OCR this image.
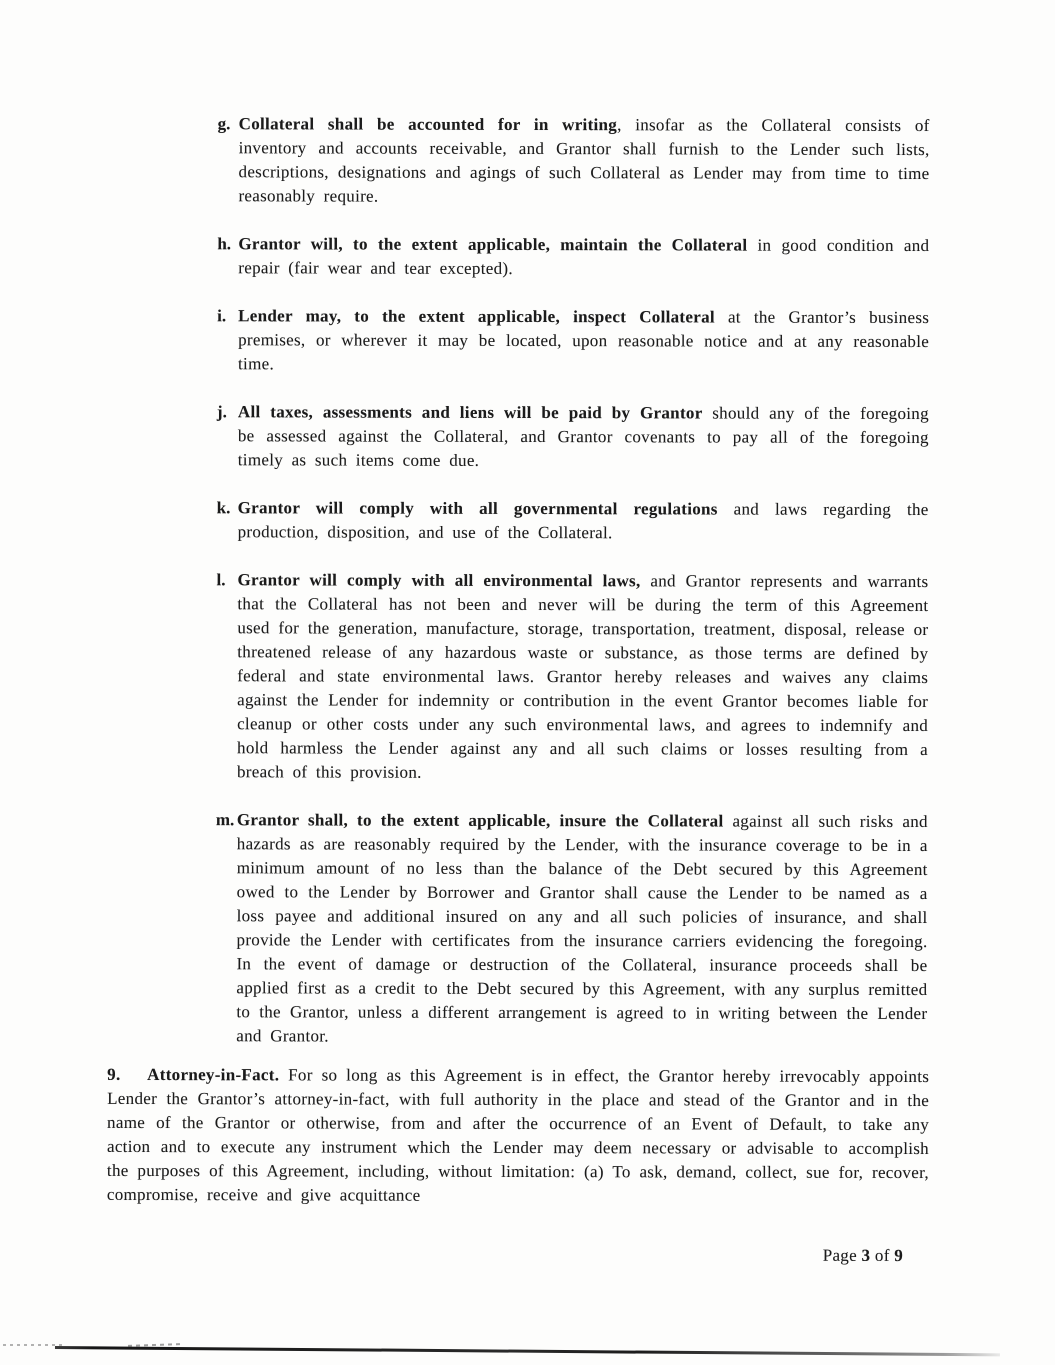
g. Collateral shall be accounted for in writing, insofar as the Collateral consists of inventory and accounts receivable, and Grantor shall furnish to the Lender such lists, descriptions, designations and agings of such Collateral as Lender may from time to time reasonably require.

h. Grantor will, to the extent applicable, maintain the Collateral in good condition and repair (fair wear and tear excepted).

i. Lender may, to the extent applicable, inspect Collateral at the Grantor’s business premises, or wherever it may be located, upon reasonable notice and at any reasonable time.

j. All taxes, assessments and liens will be paid by Grantor should any of the foregoing be assessed against the Collateral, and Grantor covenants to pay all of the foregoing timely as such items come due.

k. Grantor will comply with all governmental regulations and laws regarding the production, disposition, and use of the Collateral.

l. Grantor will comply with all environmental laws, and Grantor represents and warrants that the Collateral has not been and never will be during the term of this Agreement used for the generation, manufacture, storage, transportation, treatment, disposal, release or threatened release of any hazardous waste or substance, as those terms are defined by federal and state environmental laws. Grantor hereby releases and waives any claims against the Lender for indemnity or contribution in the event Grantor becomes liable for cleanup or other costs under any such environmental laws, and agrees to indemnify and hold harmless the Lender against any and all such claims or losses resulting from a breach of this provision.

m. Grantor shall, to the extent applicable, insure the Collateral against all such risks and hazards as are reasonably required by the Lender, with the insurance coverage to be in a minimum amount of no less than the balance of the Debt secured by this Agreement owed to the Lender by Borrower and Grantor shall cause the Lender to be named as a loss payee and additional insured on any and all such policies of insurance, and shall provide the Lender with certificates from the insurance carriers evidencing the foregoing. In the event of damage or destruction of the Collateral, insurance proceeds shall be applied first as a credit to the Debt secured by this Agreement, with any surplus remitted to the Grantor, unless a different arrangement is agreed to in writing between the Lender and Grantor.

9. Attorney-in-Fact. For so long as this Agreement is in effect, the Grantor hereby irrevocably appoints Lender the Grantor’s attorney-in-fact, with full authority in the place and stead of the Grantor and in the name of the Grantor or otherwise, from and after the occurrence of an Event of Default, to take any action and to execute any instrument which the Lender may deem necessary or advisable to accomplish the purposes of this Agreement, including, without limitation: (a) To ask, demand, collect, sue for, recover, compromise, receive and give acquittance

Page 3 of 9
